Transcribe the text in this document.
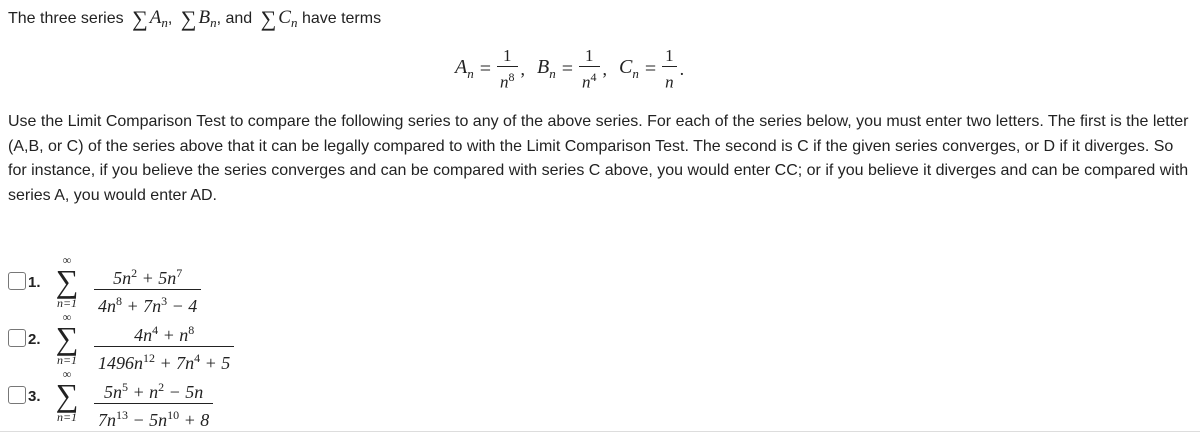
The three series ∑ $A_n$, ∑ $B_n$, and ∑ $C_n$ have terms
$A_n = \frac{1}{n^8}$ , $B_n = \frac{1}{n^4}$ , $C_n = \frac{1}{n}$ .
Use the Limit Comparison Test to compare the following series to any of the above series. For each of the series below, you must enter two letters. The first is the letter (A,B, or C) of the series above that it can be legally compared to with the Limit Comparison Test. The second is C if the given series converges, or D if it diverges. So for instance, if you believe the series converges and can be compared with series C above, you would enter CC; or if you believe it diverges and can be compared with series A, you would enter AD.
1.
∞
∑
$n=1 \frac{5n^2 + 5n^7}{4n^8 + 7n^3 - 4}$
2.
∞
∑
$n=1 \frac{4n^4 + n^8}{1496n^{12} + 7n^4 + 5}$
3.
∞
∑
$n=1 \frac{5n^5 + n^2 - 5n}{7n^{13} - 5n^{10} + 8}$
